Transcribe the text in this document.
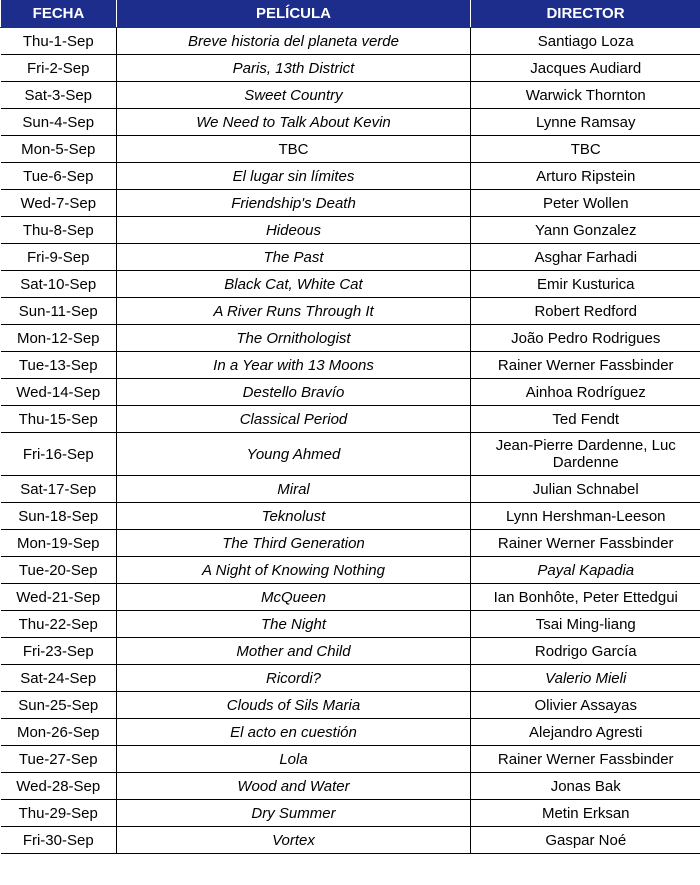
FECHA	PELÍCULA	DIRECTOR
Thu-1-Sep	Breve historia del planeta verde	Santiago Loza
Fri-2-Sep	Paris, 13th District	Jacques Audiard
Sat-3-Sep	Sweet Country	Warwick Thornton
Sun-4-Sep	We Need to Talk About Kevin	Lynne Ramsay
Mon-5-Sep	TBC	TBC
Tue-6-Sep	El lugar sin límites	Arturo Ripstein
Wed-7-Sep	Friendship's Death	Peter Wollen
Thu-8-Sep	Hideous	Yann Gonzalez
Fri-9-Sep	The Past	Asghar Farhadi
Sat-10-Sep	Black Cat, White Cat	Emir Kusturica
Sun-11-Sep	A River Runs Through It	Robert Redford
Mon-12-Sep	The Ornithologist	João Pedro Rodrigues
Tue-13-Sep	In a Year with 13 Moons	Rainer Werner Fassbinder
Wed-14-Sep	Destello Bravío	Ainhoa Rodríguez
Thu-15-Sep	Classical Period	Ted Fendt
Fri-16-Sep	Young Ahmed	Jean-Pierre Dardenne, Luc Dardenne
Sat-17-Sep	Miral	Julian Schnabel
Sun-18-Sep	Teknolust	Lynn Hershman-Leeson
Mon-19-Sep	The Third Generation	Rainer Werner Fassbinder
Tue-20-Sep	A Night of Knowing Nothing	Payal Kapadia
Wed-21-Sep	McQueen	Ian Bonhôte, Peter Ettedgui
Thu-22-Sep	The Night	Tsai Ming-liang
Fri-23-Sep	Mother and Child	Rodrigo García
Sat-24-Sep	Ricordi?	Valerio Mieli
Sun-25-Sep	Clouds of Sils Maria	Olivier Assayas
Mon-26-Sep	El acto en cuestión	Alejandro Agresti
Tue-27-Sep	Lola	Rainer Werner Fassbinder
Wed-28-Sep	Wood and Water	Jonas Bak
Thu-29-Sep	Dry Summer	Metin Erksan
Fri-30-Sep	Vortex	Gaspar Noé
